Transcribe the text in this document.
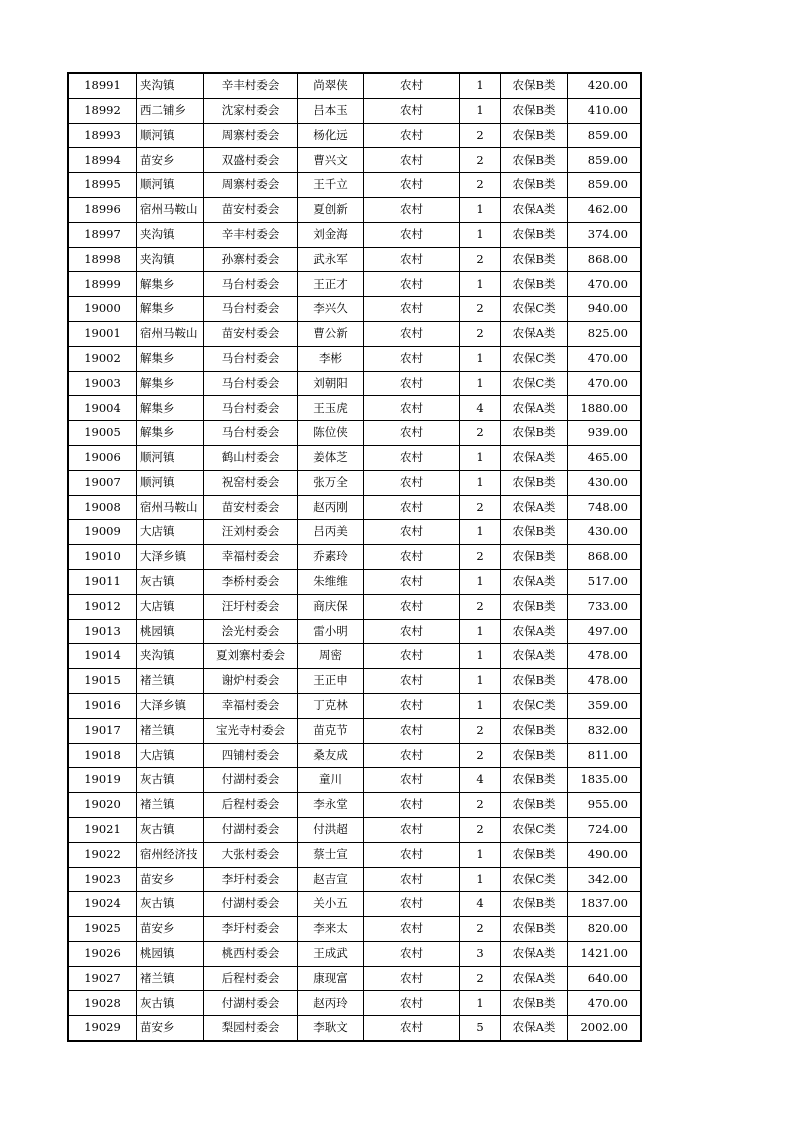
18991	夹沟镇	辛丰村委会	尚翠侠	农村	1	农保B类	420.00
18992	西二铺乡	沈家村委会	吕本玉	农村	1	农保B类	410.00
18993	顺河镇	周寨村委会	杨化远	农村	2	农保B类	859.00
18994	苗安乡	双盛村委会	曹兴文	农村	2	农保B类	859.00
18995	顺河镇	周寨村委会	王千立	农村	2	农保B类	859.00
18996	宿州马鞍山	苗安村委会	夏创新	农村	1	农保A类	462.00
18997	夹沟镇	辛丰村委会	刘金海	农村	1	农保B类	374.00
18998	夹沟镇	孙寨村委会	武永军	农村	2	农保B类	868.00
18999	解集乡	马台村委会	王正才	农村	1	农保B类	470.00
19000	解集乡	马台村委会	李兴久	农村	2	农保C类	940.00
19001	宿州马鞍山	苗安村委会	曹公新	农村	2	农保A类	825.00
19002	解集乡	马台村委会	李彬	农村	1	农保C类	470.00
19003	解集乡	马台村委会	刘朝阳	农村	1	农保C类	470.00
19004	解集乡	马台村委会	王玉虎	农村	4	农保A类	1880.00
19005	解集乡	马台村委会	陈位侠	农村	2	农保B类	939.00
19006	顺河镇	鹤山村委会	姜体芝	农村	1	农保A类	465.00
19007	顺河镇	祝窑村委会	张万全	农村	1	农保B类	430.00
19008	宿州马鞍山	苗安村委会	赵丙刚	农村	2	农保A类	748.00
19009	大店镇	汪刘村委会	吕丙美	农村	1	农保B类	430.00
19010	大泽乡镇	幸福村委会	乔素玲	农村	2	农保B类	868.00
19011	灰古镇	李桥村委会	朱维维	农村	1	农保A类	517.00
19012	大店镇	汪圩村委会	商庆保	农村	2	农保B类	733.00
19013	桃园镇	浍光村委会	雷小明	农村	1	农保A类	497.00
19014	夹沟镇	夏刘寨村委会	周密	农村	1	农保A类	478.00
19015	褚兰镇	谢炉村委会	王正申	农村	1	农保B类	478.00
19016	大泽乡镇	幸福村委会	丁克林	农村	1	农保C类	359.00
19017	褚兰镇	宝光寺村委会	苗克节	农村	2	农保B类	832.00
19018	大店镇	四铺村委会	桑友成	农村	2	农保B类	811.00
19019	灰古镇	付湖村委会	童川	农村	4	农保B类	1835.00
19020	褚兰镇	后程村委会	李永堂	农村	2	农保B类	955.00
19021	灰古镇	付湖村委会	付洪超	农村	2	农保C类	724.00
19022	宿州经济技	大张村委会	蔡士宣	农村	1	农保B类	490.00
19023	苗安乡	李圩村委会	赵吉宣	农村	1	农保C类	342.00
19024	灰古镇	付湖村委会	关小五	农村	4	农保B类	1837.00
19025	苗安乡	李圩村委会	李来太	农村	2	农保B类	820.00
19026	桃园镇	桃西村委会	王成武	农村	3	农保A类	1421.00
19027	褚兰镇	后程村委会	康现富	农村	2	农保A类	640.00
19028	灰古镇	付湖村委会	赵丙玲	农村	1	农保B类	470.00
19029	苗安乡	梨园村委会	李耿文	农村	5	农保A类	2002.00
